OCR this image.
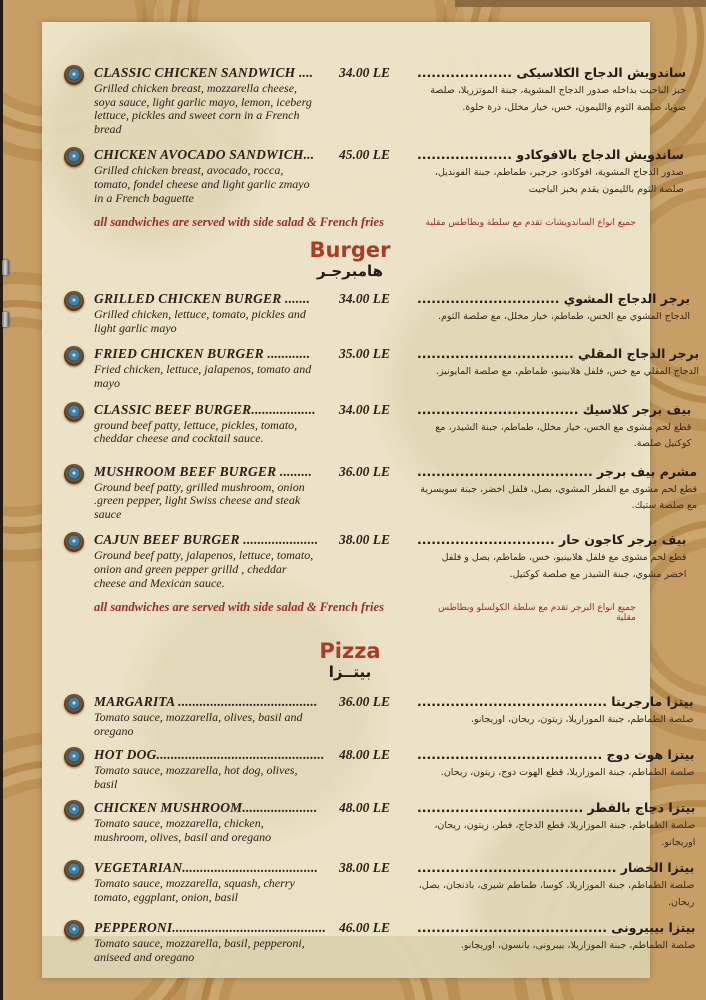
CLASSIC CHICKEN SANDWICH ....
Grilled chicken breast, mozzarella cheese, soya sauce, light garlic mayo, lemon, iceberg lettuce, pickles and sweet corn in a French bread
34.00 LE	ساندويش الدجاج الكلاسيكى ....................
خبز الباجيت بداخله صدور الدجاج المشوية، جبنة الموتزريلا، صلصة صويا، صلصة الثوم والليمون، خس، خيار مخلل، ذرة حلوة.
CHICKEN AVOCADO SANDWICH...
Grilled chicken breast, avocado, rocca, tomato, fondel cheese and light garlic zmayo in a French baguette
45.00 LE	ساندويش الدجاج بالافوكادو ....................
صدور الدجاج المشوية، افوكادو، جرجير، طماطم، جبنة الفونديل، صلصة الثوم بالليمون يقدم بخبز الباجيت
all sandwiches are served with side salad & French fries	جميع انواع الساندويشات تقدم مع سلطة وبطاطس مقلية
Burger
هامبرجـر
GRILLED CHICKEN BURGER .......
Grilled chicken, lettuce, tomato, pickles and light garlic mayo
34.00 LE	برجر الدجاج المشوي ..............................
الدجاج المشوي مع الخس، طماطم، خيار مخلل، مع صلصة الثوم.
FRIED CHICKEN BURGER ............
Fried chicken, lettuce, jalapenos, tomato and mayo
35.00 LE	برجر الدجاج المقلي .................................
الدجاج المقلي مع خس، فلفل هلابينيو، طماطم، مع صلصة المايونيز.
CLASSIC BEEF BURGER..................
ground beef patty, lettuce, pickles, tomato, cheddar cheese and cocktail sauce.
34.00 LE	بيف برجر كلاسيك ..................................
قطع لحم مشوى مع الخس، خيار مخلل، طماطم، جبنة الشيدر، مع كوكتيل صلصة.
MUSHROOM BEEF BURGER .........
Ground beef patty, grilled mushroom, onion .green pepper, light Swiss cheese and steak sauce
36.00 LE	مشرم بيف برجر .....................................
قطع لحم مشوى مع الفطر المشوي، بصل، فلفل اخضر، جبنة سويسرية مع صلصة ستيك.
CAJUN BEEF BURGER .....................
Ground beef patty, jalapenos, lettuce, tomato, onion and green pepper grilld , cheddar cheese and Mexican sauce.
38.00 LE	بيف برجر كاجون حار .............................
قطع لحم مشوى مع فلفل هلابينيو، خس، طماطم، بصل و فلفل اخضر مشوي، جبنة الشيدر مع صلصة كوكتيل.
all sandwiches are served with side salad & French fries	جميع انواع البرجر تقدم مع سلطة الكولسلو وبطاطس مقلية
Pizza
بيتــزا
MARGARITA .......................................
Tomato sauce, mozzarella, olives, basil and oregano
36.00 LE	بيتزا مارجريتا ........................................
صلصة الطماطم، جبنة الموزاريلا، زيتون، ريحان، اوريجانو.
HOT DOG...............................................
Tomato sauce, mozzarella, hot dog, olives, basil
48.00 LE	بيتزا هوت دوج .......................................
صلصة الطماطم، جبنة الموزاريلا، قطع الهوت دوج، زيتون، ريحان.
CHICKEN MUSHROOM.....................
Tomato sauce, mozzarella, chicken, mushroom, olives, basil and oregano
48.00 LE	بيتزا دجاج بالفطر ...................................
صلصة الطماطم، جبنة الموزاريلا، قطع الدجاج، فطر، زيتون، ريحان، اوريجانو.
VEGETARIAN......................................
Tomato sauce, mozzarella, squash, cherry tomato, eggplant, onion, basil
38.00 LE	بيتزا الخضار ..........................................
صلصة الطماطم، جبنة الموزاريلا، كوسا، طماطم شيرى، باذنجان، بصل، ريحان.
PEPPERONI...........................................
Tomato sauce, mozzarella, basil, pepperoni, aniseed and oregano
46.00 LE	بيتزا بيبيرونى ........................................
صلصة الطماطم، جبنة الموزاريلا، بيبرونى، يانسون، اوريجانو.
